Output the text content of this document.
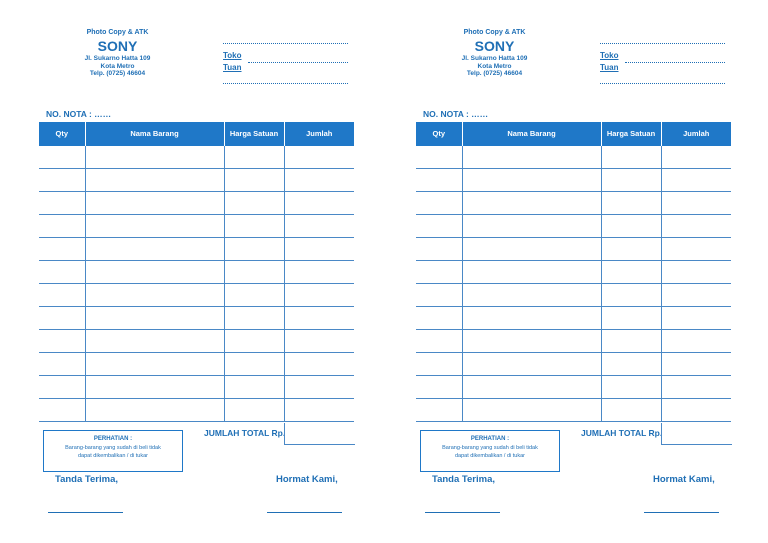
Photo Copy & ATK
SONY
Jl. Sukarno Hatta 109
Kota Metro
Telp. (0725) 46604
Toko
Tuan
NO. NOTA : ……
Qty	Nama Barang	Harga Satuan	Jumlah

PERHATIAN :
Barang-barang yang sudah di beli tidak
dapat dikembalikan / di tukar
JUMLAH TOTAL Rp.
Tanda Terima,	Hormat Kami,
Photo Copy & ATK
SONY
Jl. Sukarno Hatta 109
Kota Metro
Telp. (0725) 46604
Toko
Tuan
NO. NOTA : ……
Qty	Nama Barang	Harga Satuan	Jumlah

PERHATIAN :
Barang-barang yang sudah di beli tidak
dapat dikembalikan / di tukar
JUMLAH TOTAL Rp.
Tanda Terima,	Hormat Kami,
